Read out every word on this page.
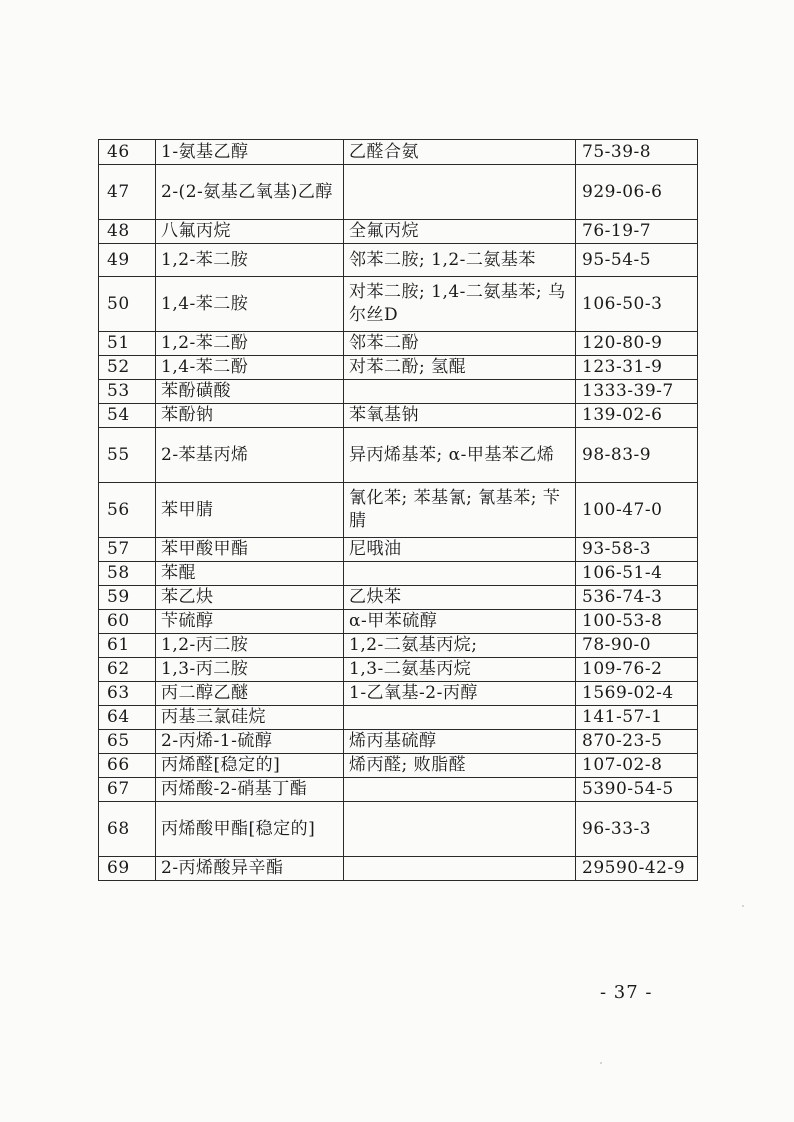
46	1-氨基乙醇	乙醛合氨	75-39-8
47	2-(2-氨基乙氧基)乙醇		929-06-6
48	八氟丙烷	全氟丙烷	76-19-7
49	1,2-苯二胺	邻苯二胺; 1,2-二氨基苯	95-54-5
50	1,4-苯二胺	对苯二胺; 1,4-二氨基苯; 乌尔丝D	106-50-3
51	1,2-苯二酚	邻苯二酚	120-80-9
52	1,4-苯二酚	对苯二酚; 氢醌	123-31-9
53	苯酚磺酸		1333-39-7
54	苯酚钠	苯氧基钠	139-02-6
55	2-苯基丙烯	异丙烯基苯; α-甲基苯乙烯	98-83-9
56	苯甲腈	氰化苯; 苯基氰; 氰基苯; 苄腈	100-47-0
57	苯甲酸甲酯	尼哦油	93-58-3
58	苯醌		106-51-4
59	苯乙炔	乙炔苯	536-74-3
60	苄硫醇	α-甲苯硫醇	100-53-8
61	1,2-丙二胺	1,2-二氨基丙烷;	78-90-0
62	1,3-丙二胺	1,3-二氨基丙烷	109-76-2
63	丙二醇乙醚	1-乙氧基-2-丙醇	1569-02-4
64	丙基三氯硅烷		141-57-1
65	2-丙烯-1-硫醇	烯丙基硫醇	870-23-5
66	丙烯醛[稳定的]	烯丙醛; 败脂醛	107-02-8
67	丙烯酸-2-硝基丁酯		5390-54-5
68	丙烯酸甲酯[稳定的]		96-33-3
69	2-丙烯酸异辛酯		29590-42-9
- 37 -
